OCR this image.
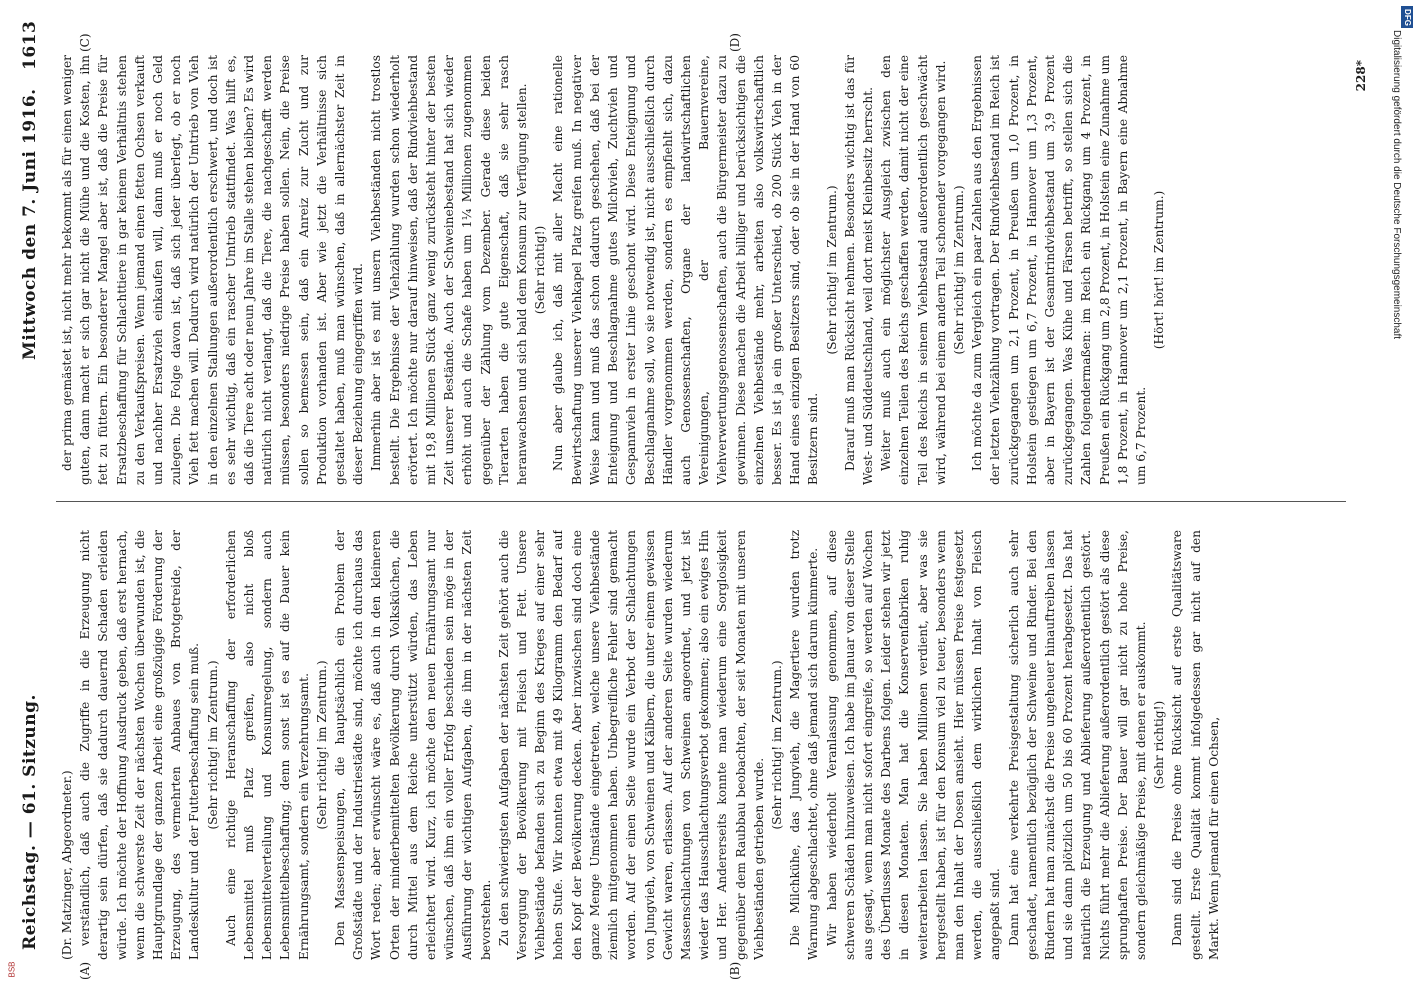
Reichstag. — 61. Sitzung.
Mittwoch den 7. Juni 1916.
1613

(Dr. Matzinger, Abgeordneter.) verständlich, daß auch die Zugriffe in die Erzeugung nicht derartig sein dürfen, daß sie dadurch dauernd Schaden erleiden würde. Ich möchte der Hoffnung Ausdruck geben, daß erst hernach, wenn die schwerste Zeit der nächsten Wochen überwunden ist, die Hauptgrundlage der ganzen Arbeit eine großzügige Förderung der Erzeugung, des vermehrten Anbaues von Brotgetreide, der Landeskultur und der Futterbeschaffung sein muß. (Sehr richtig! im Zentrum.) Auch eine richtige Heranschaffung der erforderlichen Lebensmittel muß Platz greifen, also nicht bloß Lebensmittelverteilung und Konsumregelung, sondern auch Lebensmittelbeschaffung; denn sonst ist es auf die Dauer kein Ernährungsamt, sondern ein Verzehrungsamt. (Sehr richtig! im Zentrum.) Den Massenspeisungen, die hauptsächlich ein Problem der Großstädte und der Industriestädte sind, möchte ich durchaus das Wort reden; aber erwünscht wäre es, daß auch in den kleineren Orten der minderbemittelten Bevölkerung durch Volksküchen, die durch Mittel aus dem Reiche unterstützt würden, das Leben erleichtert wird. Kurz, ich möchte den neuen Ernährungsamt nur wünschen, daß ihm ein voller Erfolg beschieden sein möge in der Ausführung der wichtigen Aufgaben, die ihm in der nächsten Zeit bevorstehen. Zu den schwierigsten Aufgaben der nächsten Zeit gehört auch die Versorgung der Bevölkerung mit Fleisch und Fett. Unsere Viehbestände befanden sich zu Beginn des Krieges auf einer sehr hohen Stufe. Wir konnten etwa mit 49 Kilogramm den Bedarf auf den Kopf der Bevölkerung decken. Aber inzwischen sind doch eine ganze Menge Umstände eingetreten, welche unsere Viehbestände ziemlich mitgenommen haben. Unbegreifliche Fehler sind gemacht worden. Auf der einen Seite wurde ein Verbot der Schlachtungen von Jungvieh, von Schweinen und Kälbern, die unter einem gewissen Gewicht waren, erlassen. Auf der anderen Seite wurden wiederum Massenschlachtungen von Schweinen angeordnet, und jetzt ist wieder das Hausschlachtungsverbot gekommen; also ein ewiges Hin und Her. Andererseits konnte man wiederum eine Sorglosigkeit gegenüber dem Raubbau beobachten, der seit Monaten mit unseren Viehbeständen getrieben wurde.

(Sehr richtig! im Zentrum.) Die Milchkühe, das Jungvieh, die Magertiere wurden trotz Warnung abgeschlachtet, ohne daß jemand sich darum kümmerte. Wir haben wiederholt Veranlassung genommen, auf diese schweren Schäden hinzuweisen. Ich habe im Januar von dieser Stelle aus gesagt, wenn man nicht sofort eingreife, so werden auf Wochen des Überflusses Monate des Darbens folgen. Leider stehen wir jetzt in diesen Monaten. Man hat die Konservenfabriken ruhig weiterarbeiten lassen. Sie haben Millionen verdient, aber was sie hergestellt haben, ist für den Konsum viel zu teuer, besonders wenn man den Inhalt der Dosen ansieht. Hier müssen Preise festgesetzt werden, die ausschließlich dem wirklichen Inhalt von Fleisch angepaßt sind. Dann hat eine verkehrte Preisgestaltung sicherlich auch sehr geschadet, namentlich bezüglich der Schweine und Rinder. Bei den Rindern hat man zunächst die Preise ungeheuer hinauftreiben lassen und sie dann plötzlich um 50 bis 60 Prozent herabgesetzt. Das hat natürlich die Erzeugung und Ablieferung außerordentlich gestört. Nichts führt mehr die Ablieferung außerordentlich gestört als diese sprunghaften Preise. Der Bauer will gar nicht zu hohe Preise, sondern gleichmäßige Preise, mit denen er auskommt. (Sehr richtig!) Dann sind die Preise ohne Rücksicht auf erste Qualitätsware gestellt. Erste Qualität kommt infolgedessen gar nicht auf den Markt. Wenn jemand für einen Ochsen,

der prima gemästet ist, nicht mehr bekommt als für einen weniger guten, dann macht er sich gar nicht die Mühe und die Kosten, ihn fett zu füttern. Ein besonderer Mangel aber ist, daß die Preise für Ersatzbeschaffung für Schlachttiere in gar keinem Verhältnis stehen zu den Verkaufspreisen. Wenn jemand einen fetten Ochsen verkauft und nachher Ersatzvieh einkaufen will, dann muß er noch Geld zulegen. Die Folge davon ist, daß sich jeder überlegt, ob er noch Vieh fett machen will. Dadurch wird natürlich der Umtrieb von Vieh in den einzelnen Stallungen außerordentlich erschwert, und doch ist es sehr wichtig, daß ein rascher Umtrieb stattfindet. Was hilft es, daß die Tiere acht oder neun Jahre im Stalle stehen bleiben? Es wird natürlich nicht verlangt, daß die Tiere, die nachgeschafft werden müssen, besonders niedrige Preise haben sollen. Nein, die Preise sollen so bemessen sein, daß ein Anreiz zur Zucht und zur Produktion vorhanden ist. Aber wie jetzt die Verhältnisse sich gestaltet haben, muß man wünschen, daß in allernächster Zeit in dieser Beziehung eingegriffen wird. Immerhin aber ist es mit unsern Viehbeständen nicht trostlos bestellt. Die Ergebnisse der Viehzählung wurden schon wiederholt erörtert. Ich möchte nur darauf hinweisen, daß der Rindviehbestand mit 19,8 Millionen Stück ganz wenig zurücksteht hinter der besten Zeit unserer Bestände. Auch der Schweinebestand hat sich wieder erhöht und auch die Schafe haben um 1¼ Millionen zugenommen gegenüber der Zählung vom Dezember. Gerade diese beiden Tierarten haben die gute Eigenschaft, daß sie sehr rasch heranwachsen und sich bald dem Konsum zur Verfügung stellen. (Sehr richtig!) Nun aber glaube ich, daß mit aller Macht eine rationelle Bewirtschaftung unserer Viehkapel Platz greifen muß. In negativer Weise kann und muß das schon dadurch geschehen, daß bei der Enteignung und Beschlagnahme gutes Milchvieh, Zuchtvieh und Gespannvieh in erster Linie geschont wird. Diese Enteignung und Beschlagnahme soll, wo sie notwendig ist, nicht ausschließlich durch Händler vorgenommen werden, sondern es empfiehlt sich, dazu auch Genossenschaften, Organe der landwirtschaftlichen Vereinigungen, der Bauernvereine, Viehverwertungsgenossenschaften, auch die Bürgermeister dazu zu gewinnen. Diese machen die Arbeit billiger und berücksichtigen die einzelnen Viehbestände mehr, arbeiten also volkswirtschaftlich besser. Es ist ja ein großer Unterschied, ob 200 Stück Vieh in der Hand eines einzigen Besitzers sind, oder ob sie in der Hand von 60 Besitzern sind.

(Sehr richtig! im Zentrum.) Darauf muß man Rücksicht nehmen. Besonders wichtig ist das für West- und Süddeutschland, weil dort meist Kleinbesitz herrscht. Weiter muß auch ein möglichster Ausgleich zwischen den einzelnen Teilen des Reichs geschaffen werden, damit nicht der eine Teil des Reichs in seinem Viehbestand außerordentlich geschwächt wird, während bei einem andern Teil schonender vorgegangen wird. (Sehr richtig! im Zentrum.) Ich möchte da zum Vergleich ein paar Zahlen aus den Ergebnissen der letzten Viehzählung vortragen. Der Rindviehbestand im Reich ist zurückgegangen um 2,1 Prozent, in Preußen um 1,0 Prozent, in Holstein gestiegen um 6,7 Prozent, in Hannover um 1,3 Prozent, aber in Bayern ist der Gesamtrindviehbestand um 3,9 Prozent zurückgegangen. Was Kühe und Färsen betrifft, so stellen sich die Zahlen folgendermaßen: im Reich ein Rückgang um 4 Prozent, in Preußen ein Rückgang um 2,8 Prozent, in Holstein eine Zunahme um 1,8 Prozent, in Hannover um 2,1 Prozent, in Bayern eine Abnahme um 6,7 Prozent.

(Hört! hört! im Zentrum.)

(A)	(B)
(C)	(D)
228*
DFG
Digitalisierung gefördert durch die Deutsche Forschungsgemeinschaft
BSB
